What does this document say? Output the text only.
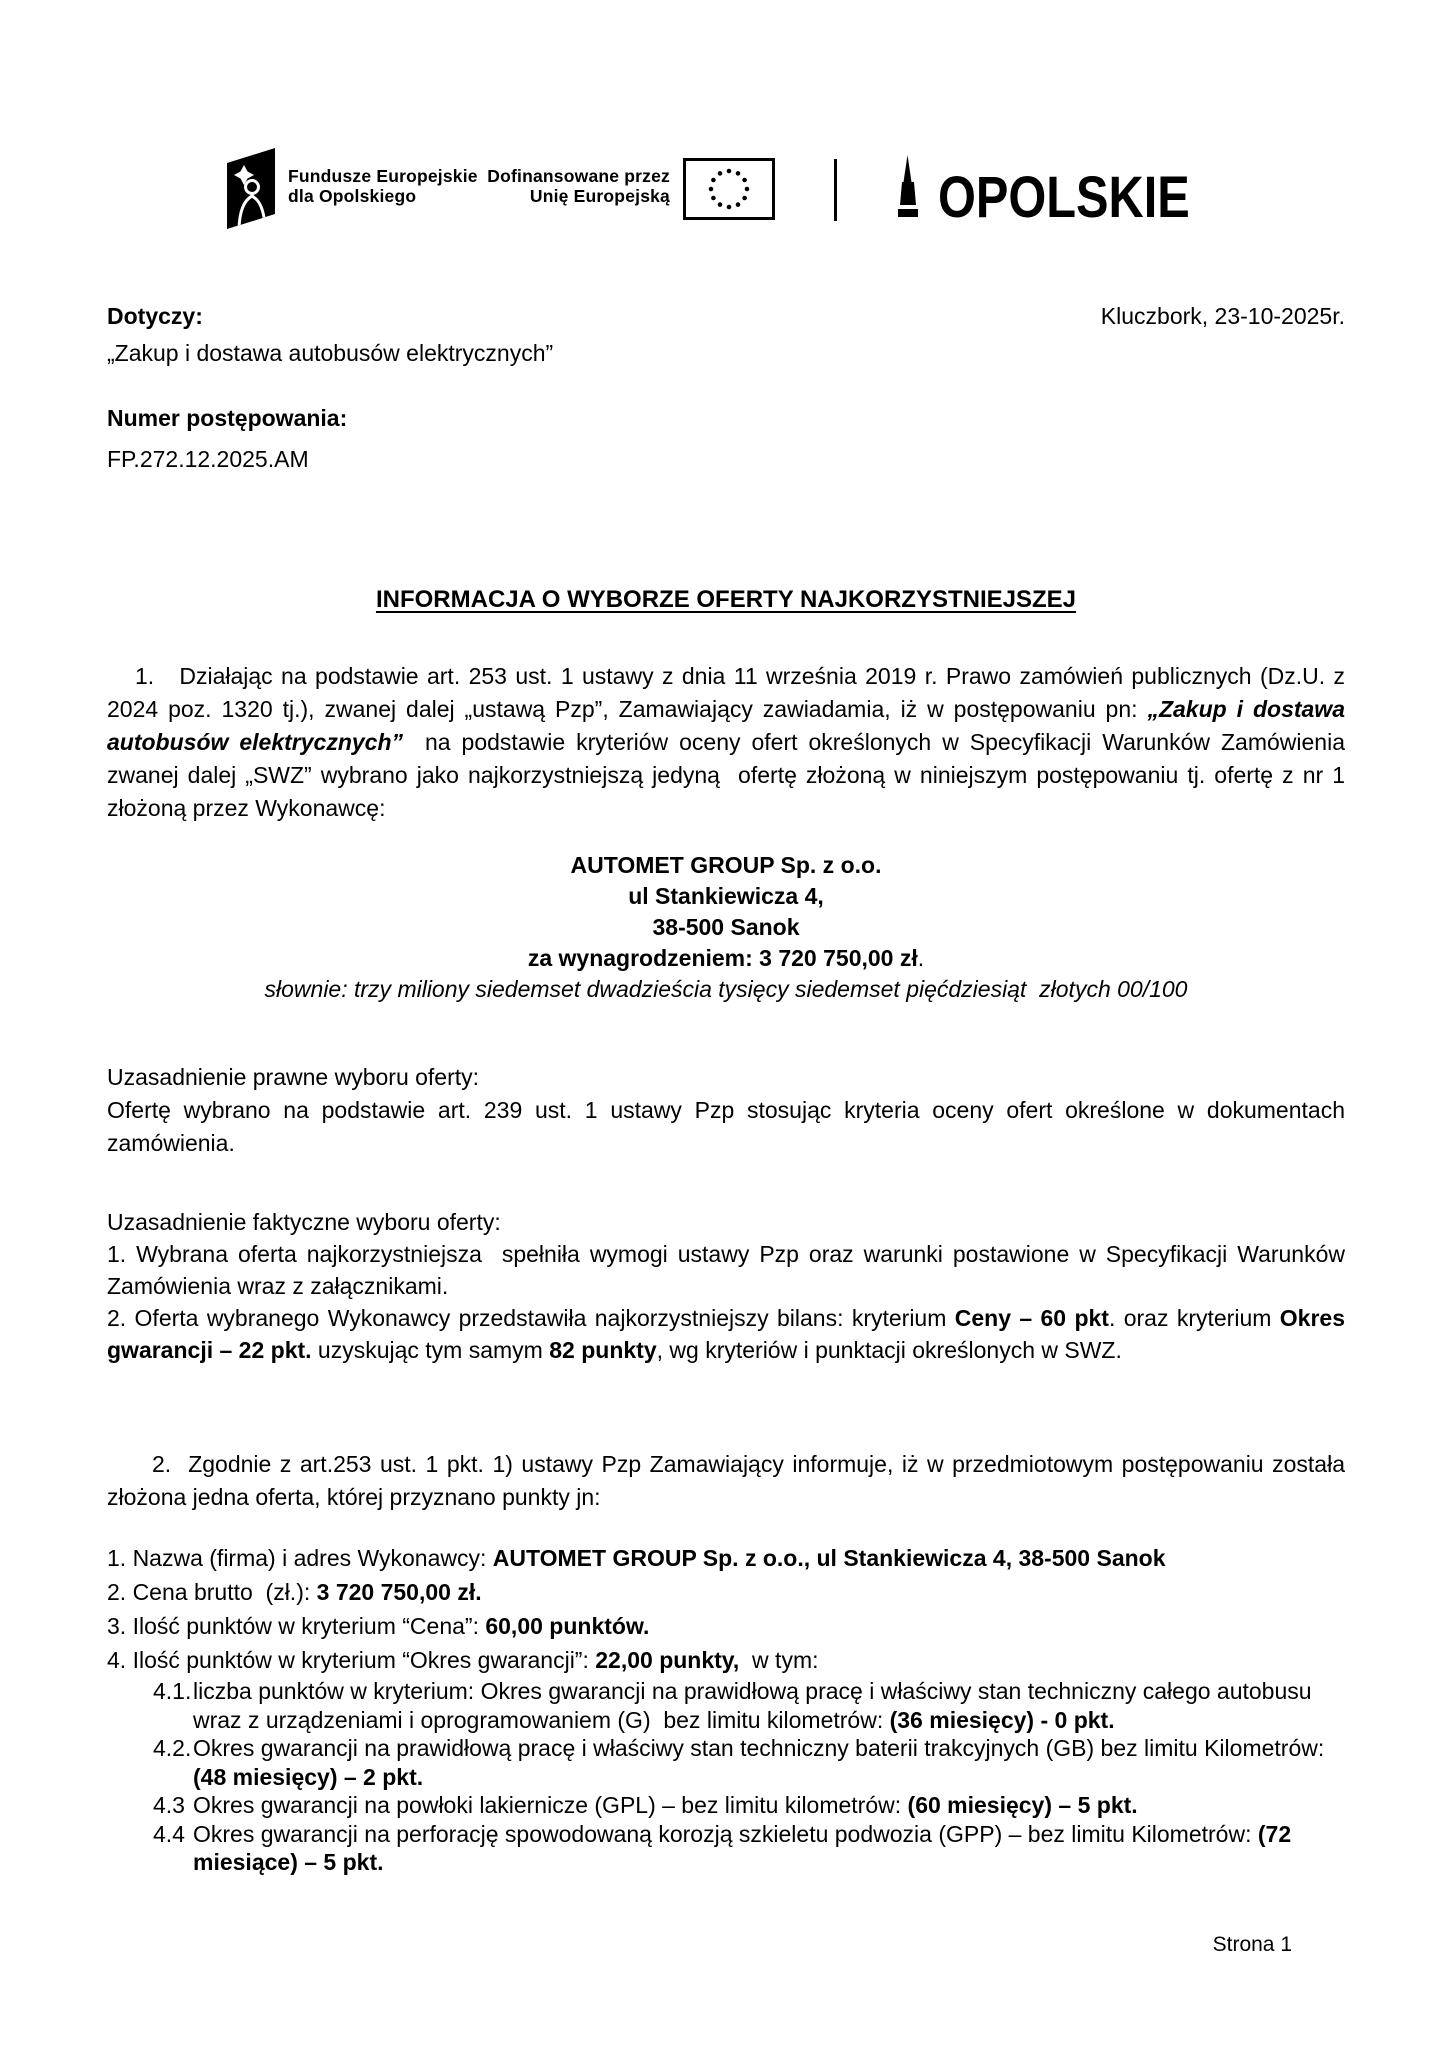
Fundusze Europejskie
dla Opolskiego
Dofinansowane przez
Unię Europejską	OPOLSKIE
Dotyczy:	Kluczbork, 23-10-2025r.
„Zakup i dostawa autobusów elektrycznych”
Numer postępowania:
FP.272.12.2025.AM
INFORMACJA O WYBORZE OFERTY NAJKORZYSTNIEJSZEJ
1.   Działając na podstawie art. 253 ust. 1 ustawy z dnia 11 września 2019 r. Prawo zamówień publicznych (Dz.U. z 2024 poz. 1320 tj.), zwanej dalej „ustawą Pzp”, Zamawiający zawiadamia, iż w postępowaniu pn: „Zakup i dostawa autobusów elektrycznych”  na podstawie kryteriów oceny ofert określonych w Specyfikacji Warunków Zamówienia zwanej dalej „SWZ” wybrano jako najkorzystniejszą jedyną  ofertę złożoną w niniejszym postępowaniu tj. ofertę z nr 1 złożoną przez Wykonawcę:
AUTOMET GROUP Sp. z o.o.
ul Stankiewicza 4,
38-500 Sanok
za wynagrodzeniem: 3 720 750,00 zł.
słownie: trzy miliony siedemset dwadzieścia tysięcy siedemset pięćdziesiąt  złotych 00/100
Uzasadnienie prawne wyboru oferty:
Ofertę wybrano na podstawie art. 239 ust. 1 ustawy Pzp stosując kryteria oceny ofert określone w dokumentach zamówienia.
Uzasadnienie faktyczne wyboru oferty:
1. Wybrana oferta najkorzystniejsza  spełniła wymogi ustawy Pzp oraz warunki postawione w Specyfikacji Warunków Zamówienia wraz z załącznikami.
2. Oferta wybranego Wykonawcy przedstawiła najkorzystniejszy bilans: kryterium Ceny – 60 pkt. oraz kryterium Okres gwarancji – 22 pkt. uzyskując tym samym 82 punkty, wg kryteriów i punktacji określonych w SWZ.
2.  Zgodnie z art.253 ust. 1 pkt. 1) ustawy Pzp Zamawiający informuje, iż w przedmiotowym postępowaniu została złożona jedna oferta, której przyznano punkty jn:
1. Nazwa (firma) i adres Wykonawcy: AUTOMET GROUP Sp. z o.o., ul Stankiewicza 4, 38-500 Sanok
2. Cena brutto  (zł.): 3 720 750,00 zł.
3. Ilość punktów w kryterium “Cena”: 60,00 punktów.
4. Ilość punktów w kryterium “Okres gwarancji”: 22,00 punkty,  w tym:
4.1. liczba punktów w kryterium: Okres gwarancji na prawidłową pracę i właściwy stan techniczny całego autobusu wraz z urządzeniami i oprogramowaniem (G)  bez limitu kilometrów: (36 miesięcy) - 0 pkt.
4.2. Okres gwarancji na prawidłową pracę i właściwy stan techniczny baterii trakcyjnych (GB) bez limitu Kilometrów: (48 miesięcy) – 2 pkt.
4.3 Okres gwarancji na powłoki lakiernicze (GPL) – bez limitu kilometrów: (60 miesięcy) – 5 pkt.
4.4 Okres gwarancji na perforację spowodowaną korozją szkieletu podwozia (GPP) – bez limitu Kilometrów: (72 miesiące) – 5 pkt.
Strona 1
